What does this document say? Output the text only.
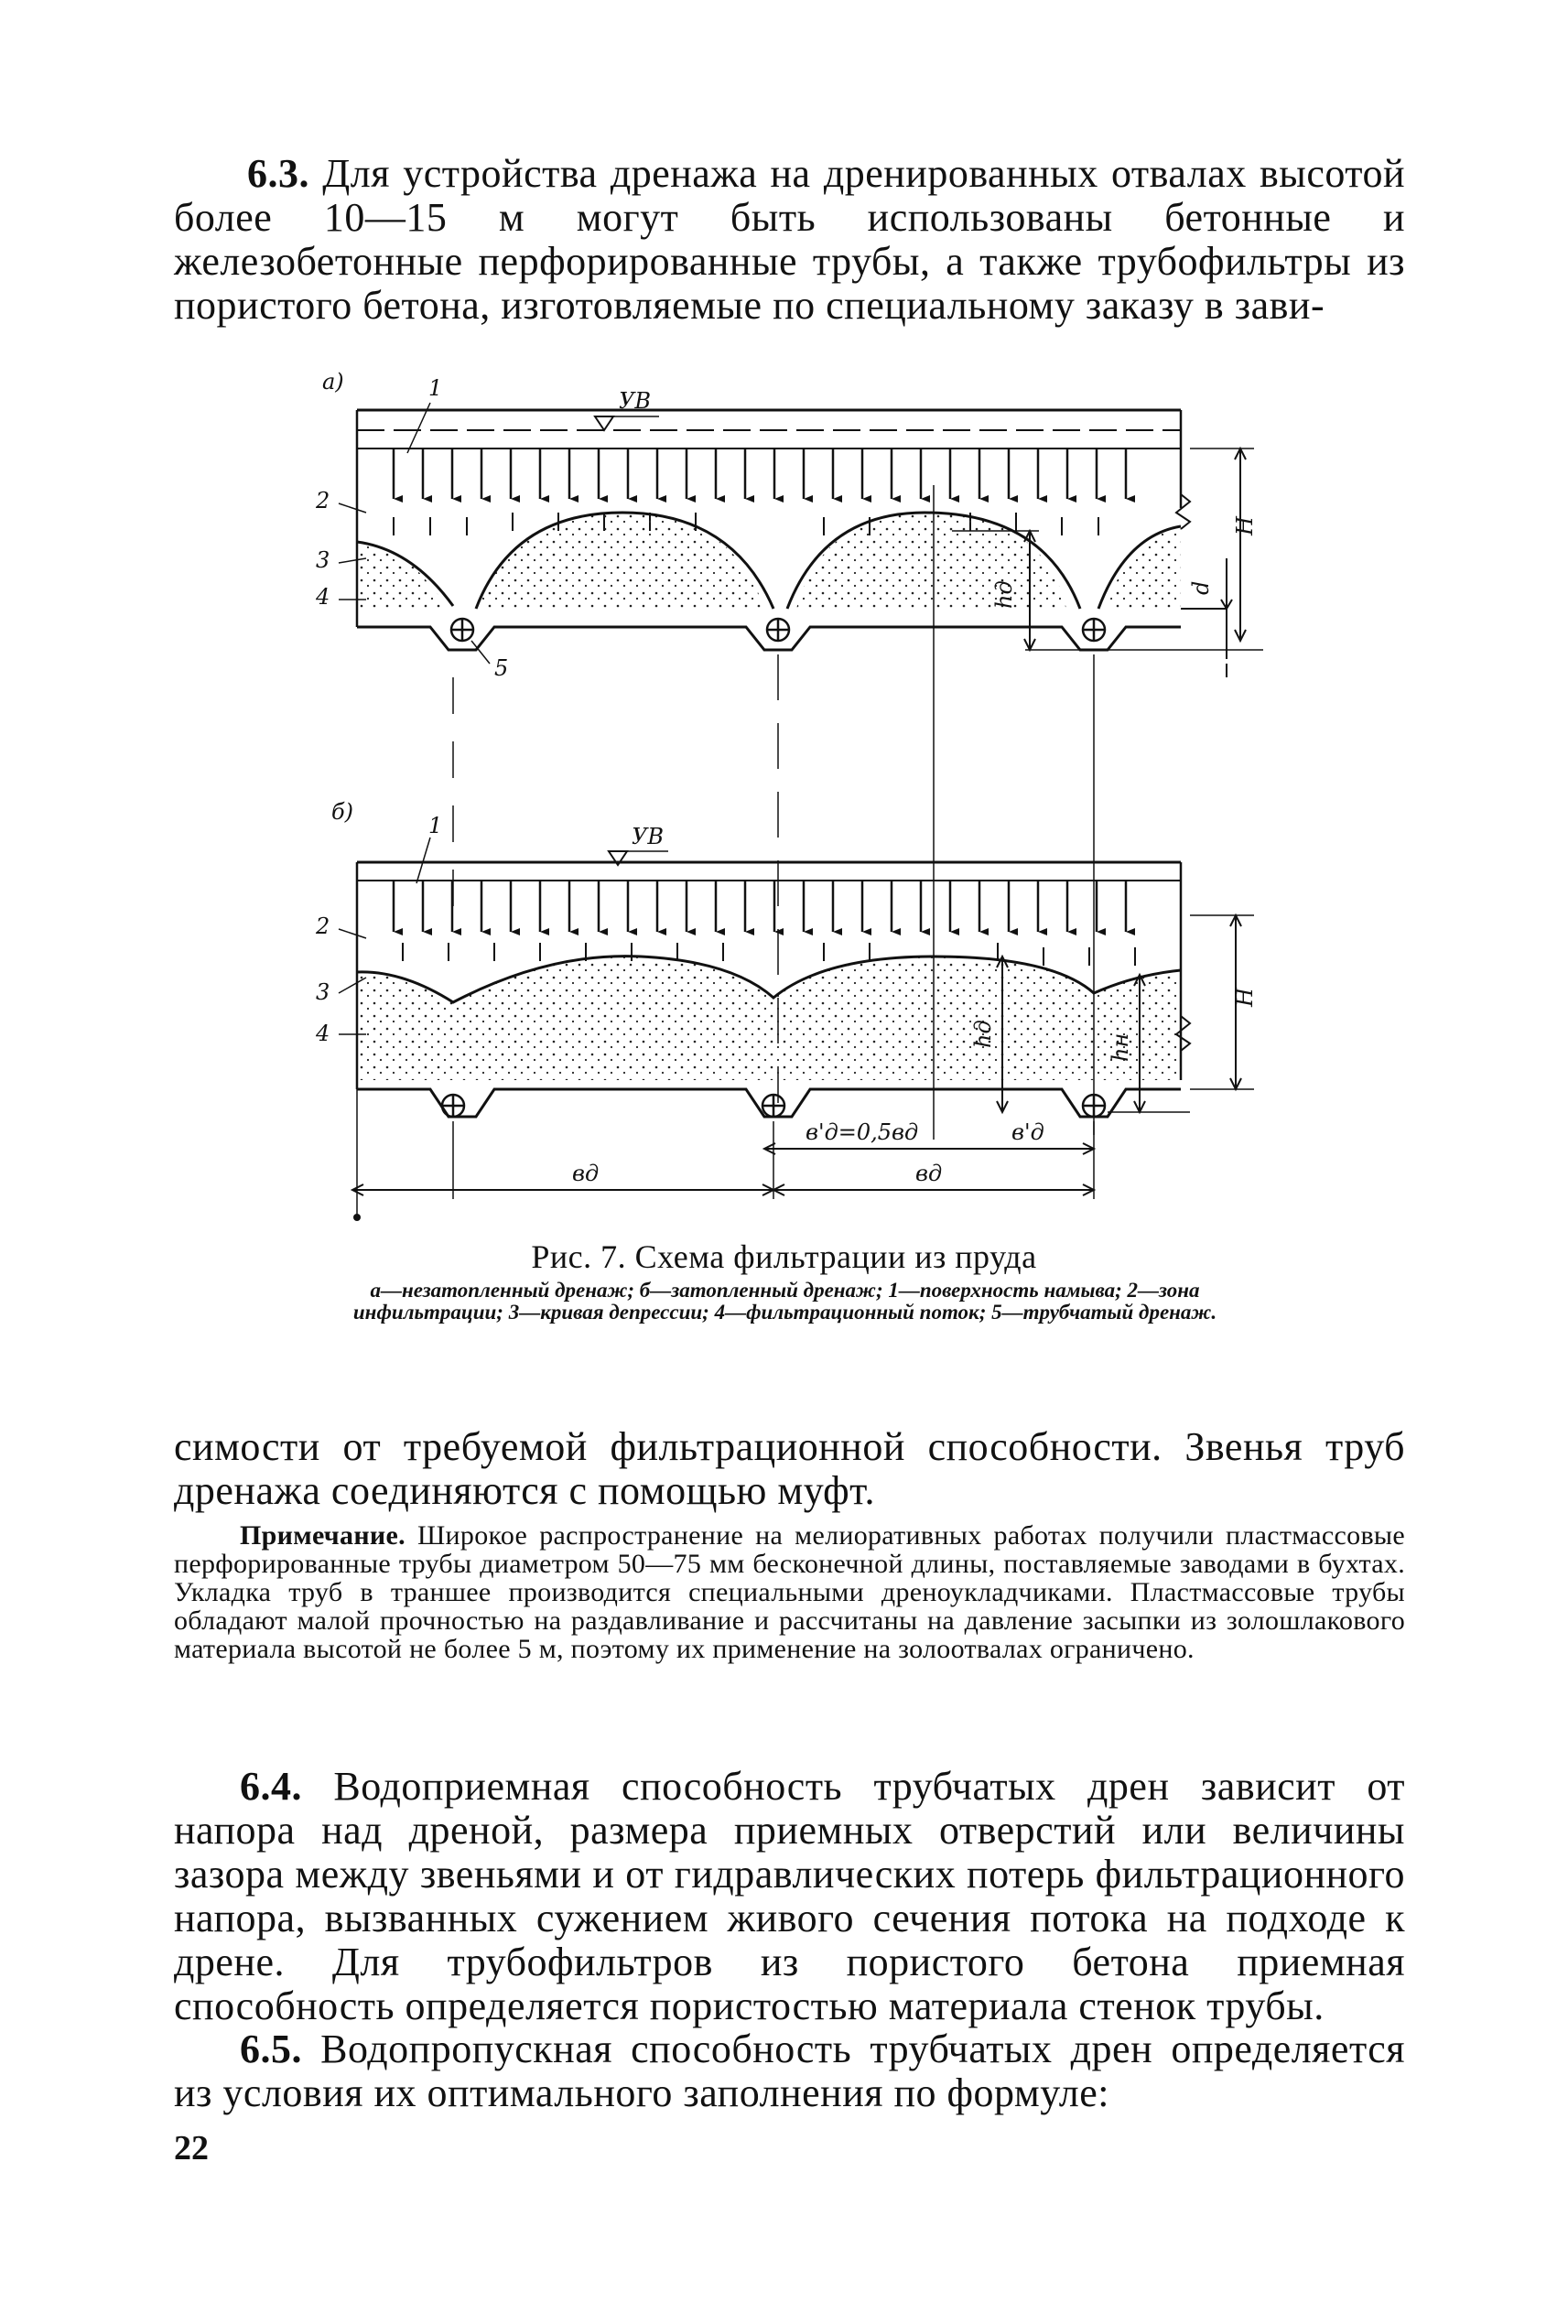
6.3. Для устройства дренажа на дренированных отвалах высотой более 10—15 м могут быть использованы бетонные и железобетонные перфорированные трубы, а также трубофильтры из пористого бетона, изготовляемые по специальному заказу в зави-

а)
УВ
1
2
3
4
5
H
d
hд
б)
УВ
1
2
3
4
H
hд	hн
в'д=0,5вд	в'д
вд	вд

Рис. 7. Схема фильтрации из пруда

а—незатопленный дренаж; б—затопленный дренаж; 1—поверхность намыва; 2—зона инфильтрации; 3—кривая депрессии; 4—фильтрационный поток; 5—трубчатый дренаж.

симости от требуемой фильтрационной способности. Звенья труб дренажа соединяются с помощью муфт.

Примечание. Широкое распространение на мелиоративных работах получили пластмассовые перфорированные трубы диаметром 50—75 мм бесконечной длины, поставляемые заводами в бухтах. Укладка труб в траншее производится специальными дреноукладчиками. Пластмассовые трубы обладают малой прочностью на раздавливание и рассчитаны на давление засыпки из золошлакового материала высотой не более 5 м, поэтому их применение на золоотвалах ограничено.

6.4. Водоприемная способность трубчатых дрен зависит от напора над дреной, размера приемных отверстий или величины зазора между звеньями и от гидравлических потерь фильтрационного напора, вызванных сужением живого сечения потока на подходе к дрене. Для трубофильтров из пористого бетона приемная способность определяется пористостью материала стенок трубы.

6.5. Водопропускная способность трубчатых дрен определяется из условия их оптимального заполнения по формуле:

22
